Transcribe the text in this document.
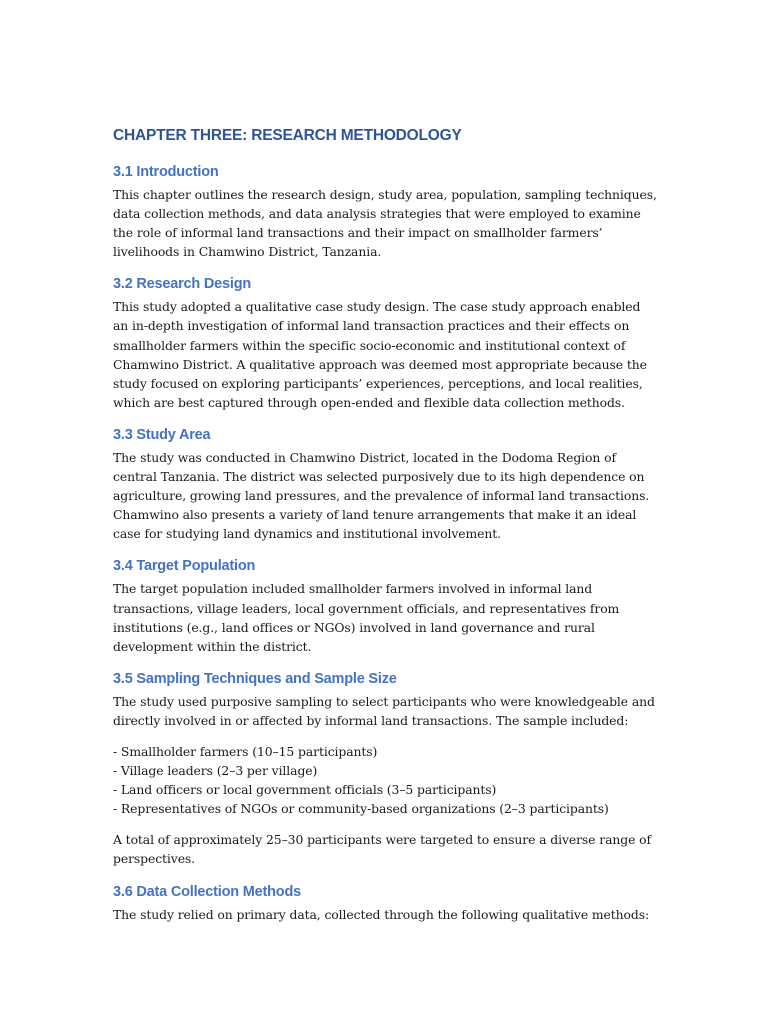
CHAPTER THREE: RESEARCH METHODOLOGY
3.1 Introduction

This chapter outlines the research design, study area, population, sampling techniques, data collection methods, and data analysis strategies that were employed to examine the role of informal land transactions and their impact on smallholder farmers’ livelihoods in Chamwino District, Tanzania.

3.2 Research Design

This study adopted a qualitative case study design. The case study approach enabled an in-depth investigation of informal land transaction practices and their effects on smallholder farmers within the specific socio-economic and institutional context of Chamwino District. A qualitative approach was deemed most appropriate because the study focused on exploring participants’ experiences, perceptions, and local realities, which are best captured through open-ended and flexible data collection methods.

3.3 Study Area

The study was conducted in Chamwino District, located in the Dodoma Region of central Tanzania. The district was selected purposively due to its high dependence on agriculture, growing land pressures, and the prevalence of informal land transactions. Chamwino also presents a variety of land tenure arrangements that make it an ideal case for studying land dynamics and institutional involvement.

3.4 Target Population

The target population included smallholder farmers involved in informal land transactions, village leaders, local government officials, and representatives from institutions (e.g., land offices or NGOs) involved in land governance and rural development within the district.

3.5 Sampling Techniques and Sample Size

The study used purposive sampling to select participants who were knowledgeable and directly involved in or affected by informal land transactions. The sample included:

- Smallholder farmers (10–15 participants)
- Village leaders (2–3 per village)
- Land officers or local government officials (3–5 participants)
- Representatives of NGOs or community-based organizations (2–3 participants)

A total of approximately 25–30 participants were targeted to ensure a diverse range of perspectives.

3.6 Data Collection Methods

The study relied on primary data, collected through the following qualitative methods:
